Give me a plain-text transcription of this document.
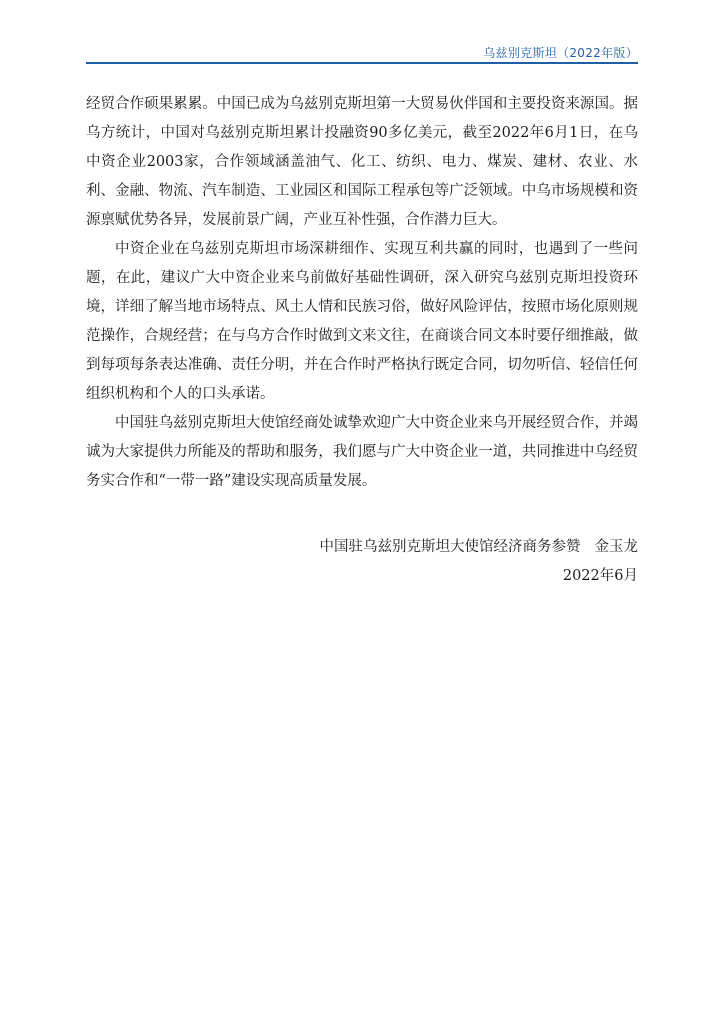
乌兹别克斯坦（2022年版）

经贸合作硕果累累。中国已成为乌兹别克斯坦第一大贸易伙伴国和主要投资来源国。据乌方统计，中国对乌兹别克斯坦累计投融资90多亿美元，截至2022年6月1日，在乌中资企业2003家，合作领域涵盖油气、化工、纺织、电力、煤炭、建材、农业、水利、金融、物流、汽车制造、工业园区和国际工程承包等广泛领域。中乌市场规模和资源禀赋优势各异，发展前景广阔，产业互补性强，合作潜力巨大。

中资企业在乌兹别克斯坦市场深耕细作、实现互利共赢的同时，也遇到了一些问题，在此，建议广大中资企业来乌前做好基础性调研，深入研究乌兹别克斯坦投资环境，详细了解当地市场特点、风土人情和民族习俗，做好风险评估，按照市场化原则规范操作，合规经营；在与乌方合作时做到文来文往，在商谈合同文本时要仔细推敲，做到每项每条表达准确、责任分明，并在合作时严格执行既定合同，切勿听信、轻信任何组织机构和个人的口头承诺。

中国驻乌兹别克斯坦大使馆经商处诚挚欢迎广大中资企业来乌开展经贸合作，并竭诚为大家提供力所能及的帮助和服务，我们愿与广大中资企业一道，共同推进中乌经贸务实合作和“一带一路”建设实现高质量发展。

中国驻乌兹别克斯坦大使馆经济商务参赞 金玉龙
2022年6月
